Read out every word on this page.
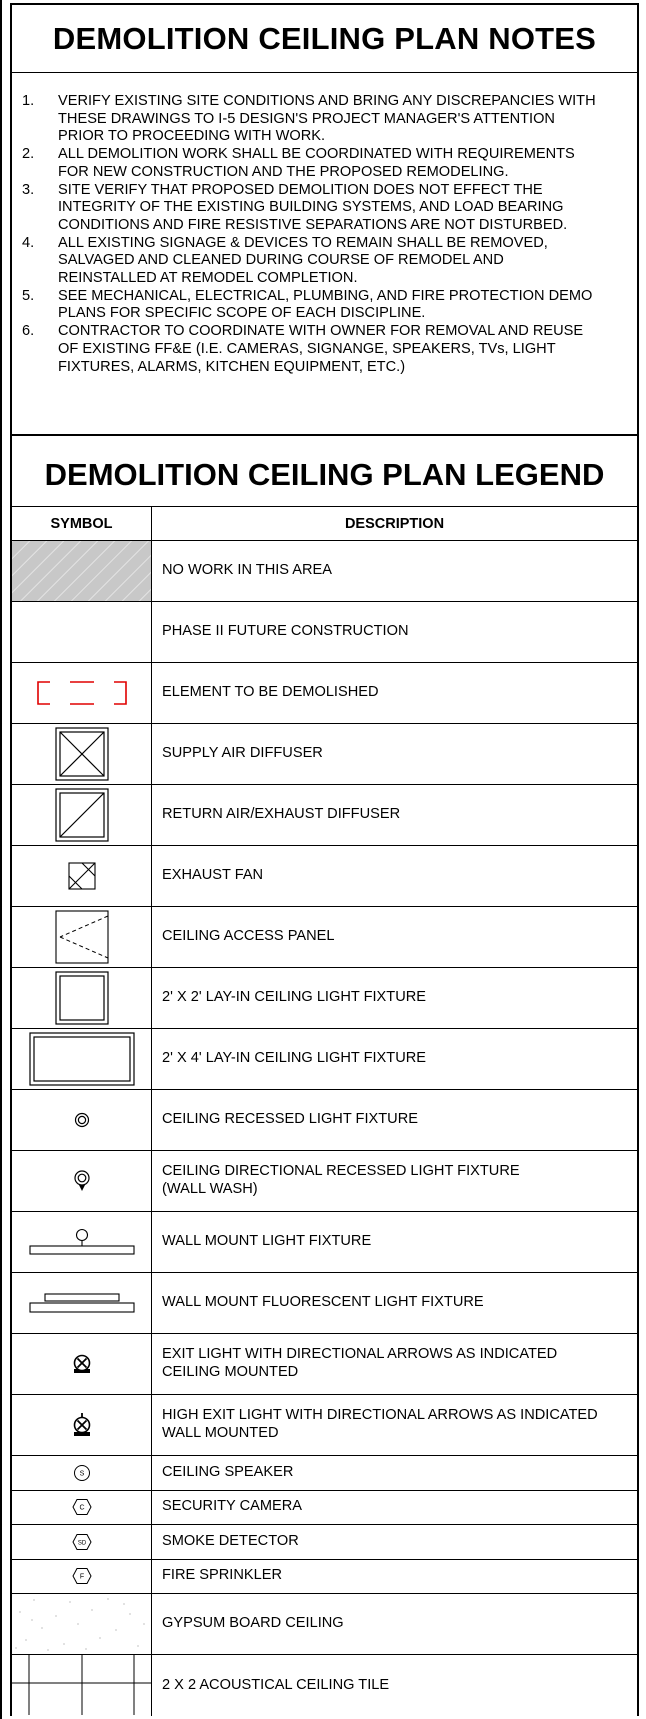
DEMOLITION CEILING PLAN NOTES
1.	VERIFY EXISTING SITE CONDITIONS AND BRING ANY DISCREPANCIES WITH
THESE DRAWINGS TO I-5 DESIGN'S PROJECT MANAGER'S ATTENTION
PRIOR TO PROCEEDING WITH WORK.
2.	ALL DEMOLITION WORK SHALL BE COORDINATED WITH REQUIREMENTS
FOR NEW CONSTRUCTION AND THE PROPOSED REMODELING.
3.	SITE VERIFY THAT PROPOSED DEMOLITION DOES NOT EFFECT THE
INTEGRITY OF THE EXISTING BUILDING SYSTEMS, AND LOAD BEARING
CONDITIONS AND FIRE RESISTIVE SEPARATIONS ARE NOT DISTURBED.
4.	ALL EXISTING SIGNAGE & DEVICES TO REMAIN SHALL BE REMOVED,
SALVAGED AND CLEANED DURING COURSE OF REMODEL AND
REINSTALLED AT REMODEL COMPLETION.
5.	SEE MECHANICAL, ELECTRICAL, PLUMBING, AND FIRE PROTECTION DEMO
PLANS FOR SPECIFIC SCOPE OF EACH DISCIPLINE.
6.	CONTRACTOR TO COORDINATE WITH OWNER FOR REMOVAL AND REUSE
OF EXISTING FF&E (I.E. CAMERAS, SIGNANGE, SPEAKERS, TVs, LIGHT
FIXTURES, ALARMS, KITCHEN EQUIPMENT, ETC.)
DEMOLITION CEILING PLAN LEGEND
SYMBOL	DESCRIPTION
NO WORK IN THIS AREA
PHASE II FUTURE CONSTRUCTION
ELEMENT TO BE DEMOLISHED
SUPPLY AIR DIFFUSER
RETURN AIR/EXHAUST DIFFUSER
EXHAUST FAN
CEILING ACCESS PANEL
2' X 2' LAY-IN CEILING LIGHT FIXTURE
2' X 4' LAY-IN CEILING LIGHT FIXTURE
CEILING RECESSED LIGHT FIXTURE
CEILING DIRECTIONAL RECESSED LIGHT FIXTURE
(WALL WASH)
WALL MOUNT LIGHT FIXTURE
WALL MOUNT FLUORESCENT LIGHT FIXTURE
EXIT LIGHT WITH DIRECTIONAL ARROWS AS INDICATED
CEILING MOUNTED
HIGH EXIT LIGHT WITH DIRECTIONAL ARROWS AS INDICATED
WALL MOUNTED
S	CEILING SPEAKER
C	SECURITY CAMERA
SD	SMOKE DETECTOR
F	FIRE SPRINKLER
GYPSUM BOARD CEILING
2 X 2 ACOUSTICAL CEILING TILE
